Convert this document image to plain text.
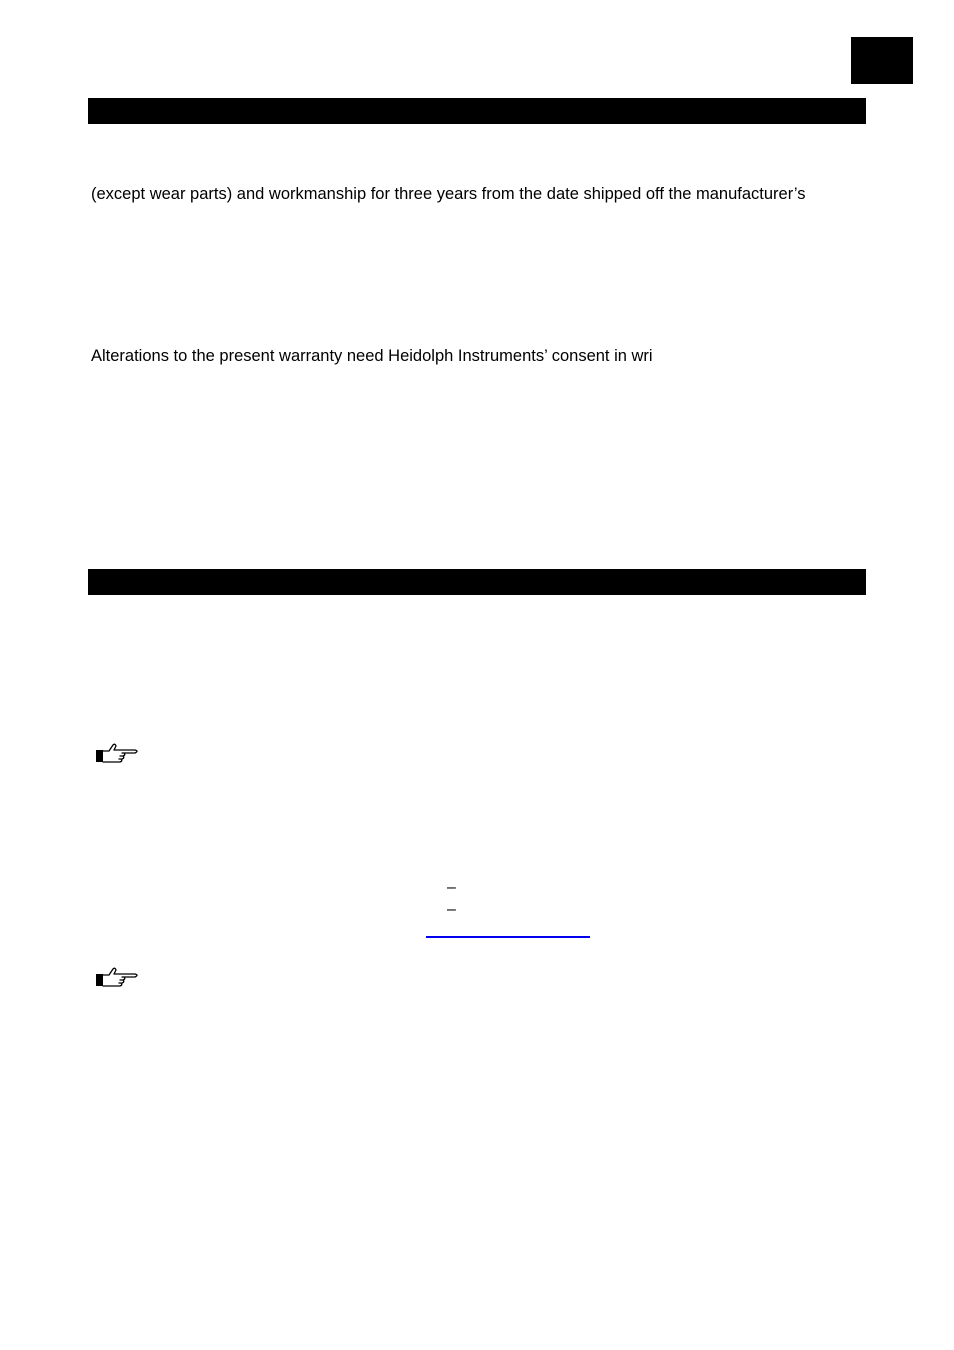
(except wear parts) and workmanship for three years from the date shipped off the manufacturer’s
Alterations to the present warranty need Heidolph Instruments’ consent in wri
–
–
